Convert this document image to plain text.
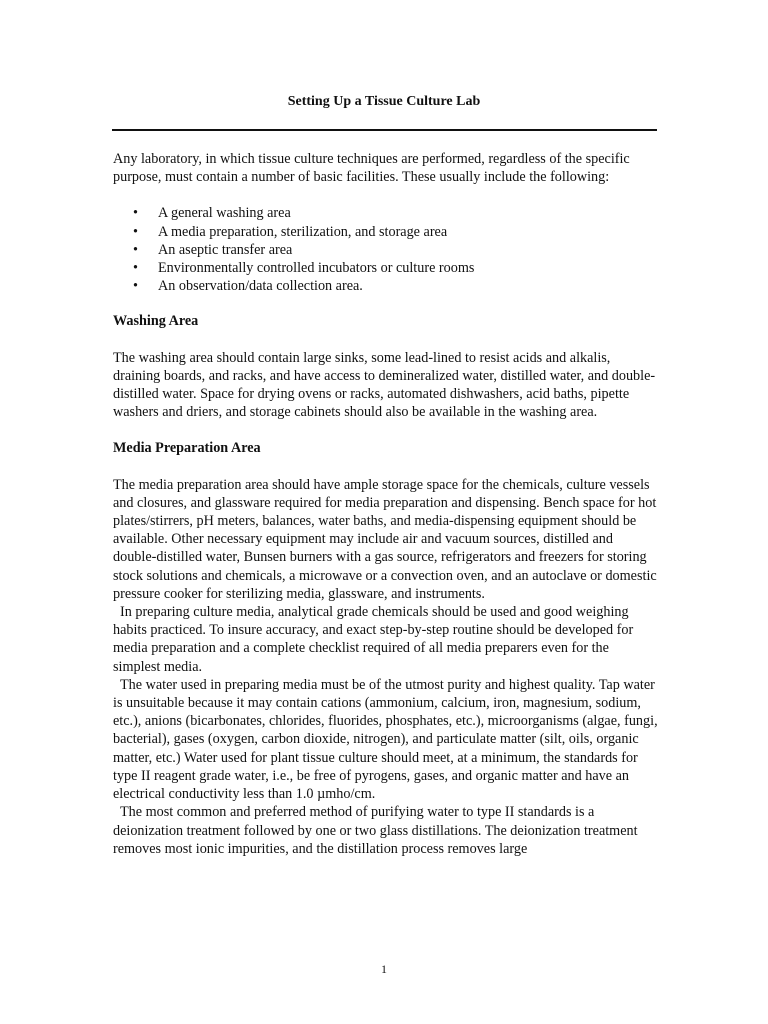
Setting Up a Tissue Culture Lab

Any laboratory, in which tissue culture techniques are performed, regardless of the specific purpose, must contain a number of basic facilities. These usually include the following:

• A general washing area
• A media preparation, sterilization, and storage area
• An aseptic transfer area
• Environmentally controlled incubators or culture rooms
• An observation/data collection area.
Washing Area

The washing area should contain large sinks, some lead-lined to resist acids and alkalis, draining boards, and racks, and have access to demineralized water, distilled water, and double-distilled water. Space for drying ovens or racks, automated dishwashers, acid baths, pipette washers and driers, and storage cabinets should also be available in the washing area.

Media Preparation Area

The media preparation area should have ample storage space for the chemicals, culture vessels and closures, and glassware required for media preparation and dispensing. Bench space for hot plates/stirrers, pH meters, balances, water baths, and media-dispensing equipment should be available. Other necessary equipment may include air and vacuum sources, distilled and double-distilled water, Bunsen burners with a gas source, refrigerators and freezers for storing stock solutions and chemicals, a microwave or a convection oven, and an autoclave or domestic pressure cooker for sterilizing media, glassware, and instruments.

In preparing culture media, analytical grade chemicals should be used and good weighing habits practiced. To insure accuracy, and exact step-by-step routine should be developed for media preparation and a complete checklist required of all media preparers even for the simplest media.

The water used in preparing media must be of the utmost purity and highest quality. Tap water is unsuitable because it may contain cations (ammonium, calcium, iron, magnesium, sodium, etc.), anions (bicarbonates, chlorides, fluorides, phosphates, etc.), microorganisms (algae, fungi, bacterial), gases (oxygen, carbon dioxide, nitrogen), and particulate matter (silt, oils, organic matter, etc.) Water used for plant tissue culture should meet, at a minimum, the standards for type II reagent grade water, i.e., be free of pyrogens, gases, and organic matter and have an electrical conductivity less than 1.0 µmho/cm.

The most common and preferred method of purifying water to type II standards is a deionization treatment followed by one or two glass distillations. The deionization treatment removes most ionic impurities, and the distillation process removes large

1
